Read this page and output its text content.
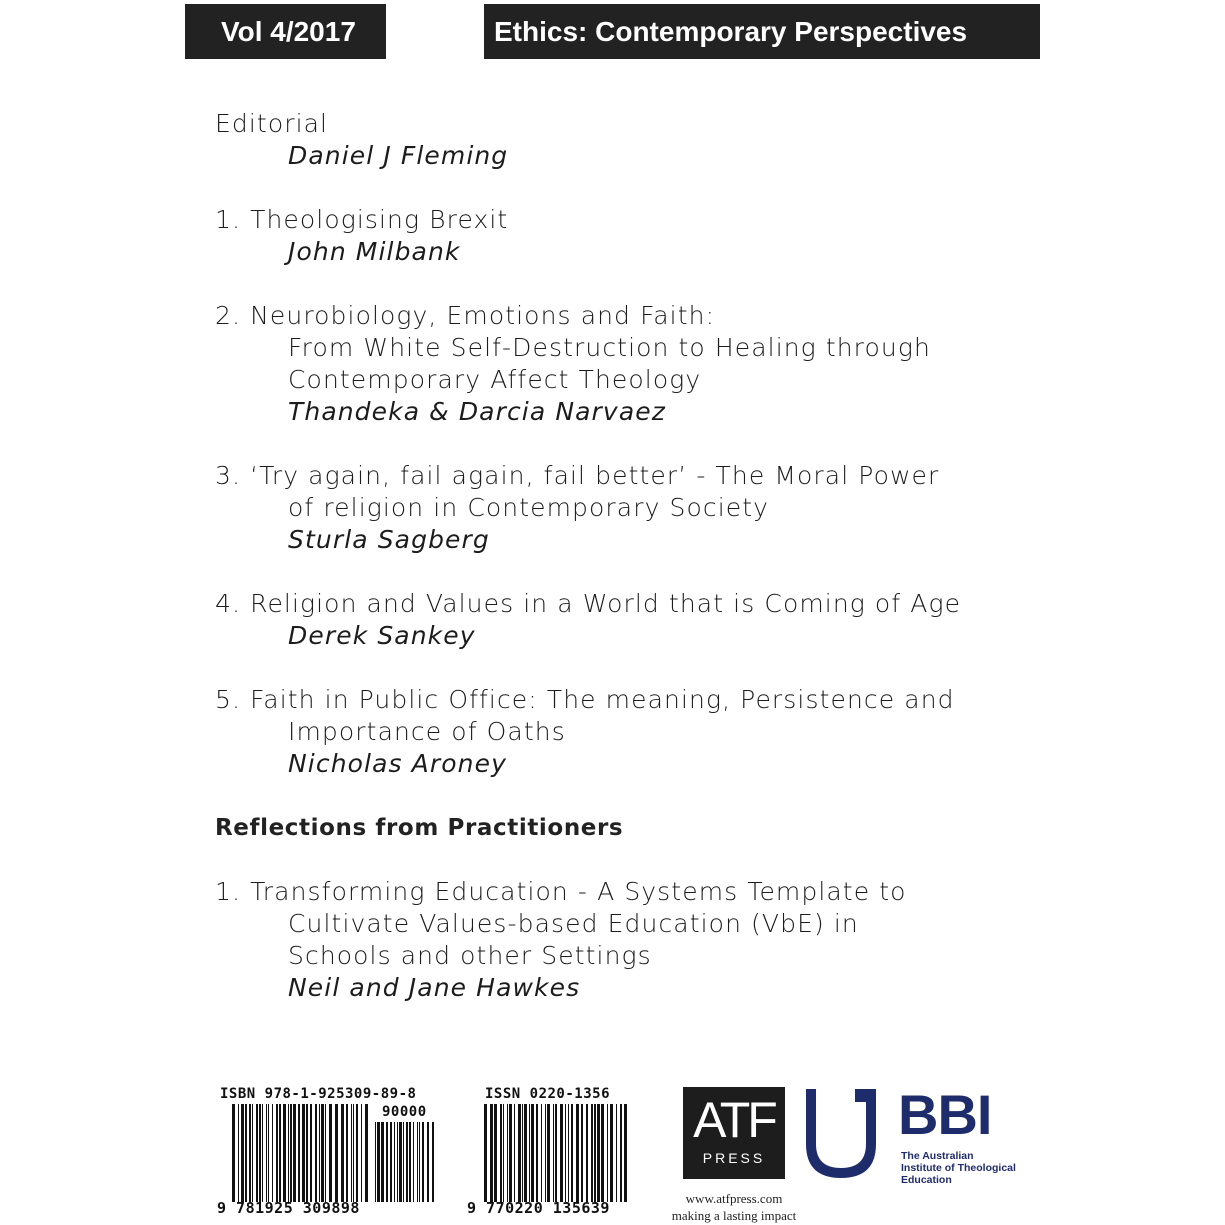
Vol 4/2017	Ethics: Contemporary Perspectives
Editorial
Daniel J Fleming
1. Theologising Brexit
John Milbank
2. Neurobiology, Emotions and Faith:
From White Self-Destruction to Healing through
Contemporary Affect Theology
Thandeka & Darcia Narvaez
3. ‘Try again, fail again, fail better’ - The Moral Power
of religion in Contemporary Society
Sturla Sagberg
4. Religion and Values in a World that is Coming of Age
Derek Sankey
5. Faith in Public Office: The meaning, Persistence and
Importance of Oaths
Nicholas Aroney
Reflections from Practitioners
1. Transforming Education - A Systems Template to
Cultivate Values-based Education (VbE) in
Schools and other Settings
Neil and Jane Hawkes
ISBN 978-1-925309-89-8
90000
9 781925 309898
ISSN 0220-1356
9 770220 135639
ATF
PRESS
www.atfpress.com
making a lasting impact
BBI
The Australian
Institute of Theological
Education
